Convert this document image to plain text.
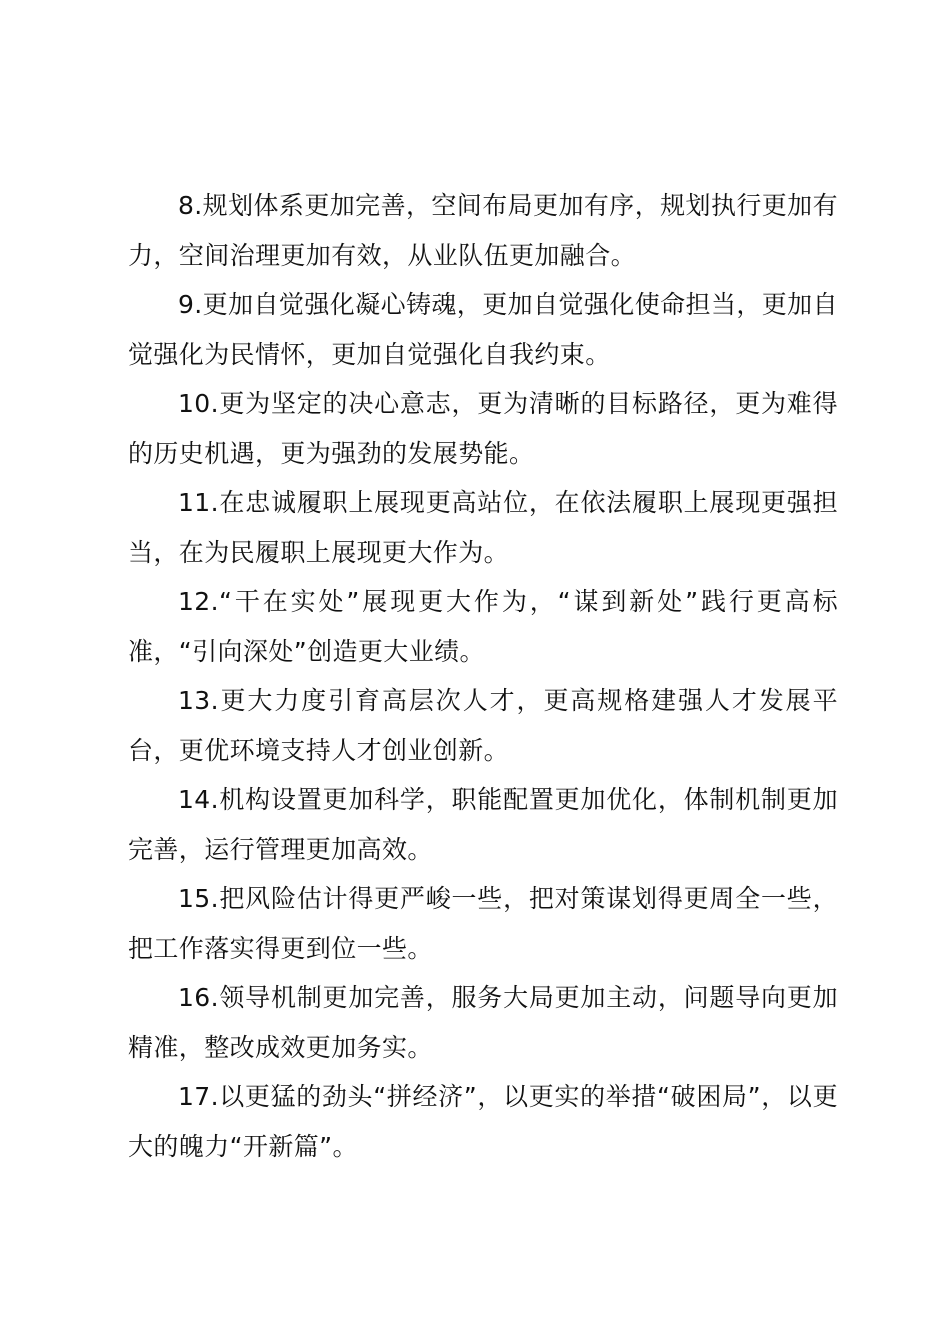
8.规划体系更加完善，空间布局更加有序，规划执行更加有力，空间治理更加有效，从业队伍更加融合。

9.更加自觉强化凝心铸魂，更加自觉强化使命担当，更加自觉强化为民情怀，更加自觉强化自我约束。

10.更为坚定的决心意志，更为清晰的目标路径，更为难得的历史机遇，更为强劲的发展势能。

11.在忠诚履职上展现更高站位，在依法履职上展现更强担当，在为民履职上展现更大作为。

12.“干在实处”展现更大作为，“谋到新处”践行更高标准，“引向深处”创造更大业绩。

13.更大力度引育高层次人才，更高规格建强人才发展平台，更优环境支持人才创业创新。

14.机构设置更加科学，职能配置更加优化，体制机制更加完善，运行管理更加高效。

15.把风险估计得更严峻一些，把对策谋划得更周全一些，把工作落实得更到位一些。

16.领导机制更加完善，服务大局更加主动，问题导向更加精准，整改成效更加务实。

17.以更猛的劲头“拼经济”，以更实的举措“破困局”，以更大的魄力“开新篇”。
